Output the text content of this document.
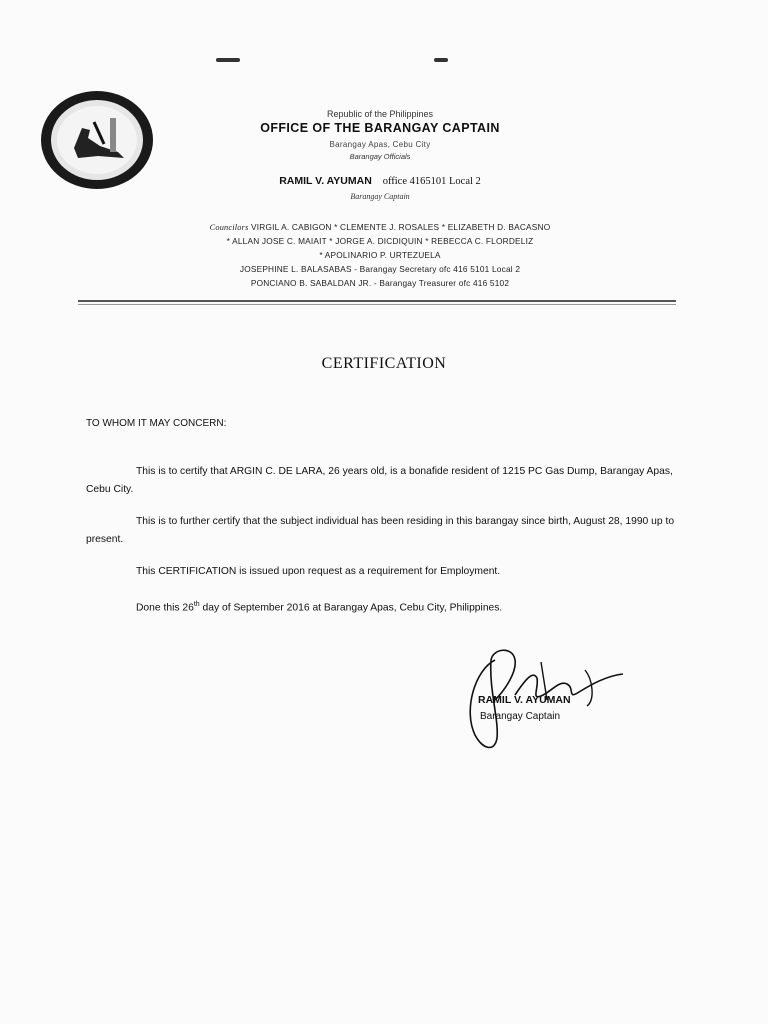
Republic of the Philippines
OFFICE OF THE BARANGAY CAPTAIN
Barangay Apas, Cebu City
Barangay Officials
RAMIL V. AYUMAN office 4165101 Local 2
Barangay Captain
Councilors VIRGIL A. CABIGON * CLEMENTE J. ROSALES * ELIZABETH D. BACASNO
* ALLAN JOSE C. MAIAIT * JORGE A. DICDIQUIN * REBECCA C. FLORDELIZ
* APOLINARIO P. URTEZUELA
JOSEPHINE L. BALASABAS - Barangay Secretary ofc 416 5101 Local 2
PONCIANO B. SABALDAN JR. - Barangay Treasurer ofc 416 5102
CERTIFICATION
TO WHOM IT MAY CONCERN:
This is to certify that ARGIN C. DE LARA, 26 years old, is a bonafide resident of 1215 PC Gas Dump, Barangay Apas, Cebu City.
This is to further certify that the subject individual has been residing in this barangay since birth, August 28, 1990 up to present.
This CERTIFICATION is issued upon request as a requirement for Employment.
Done this 26th day of September 2016 at Barangay Apas, Cebu City, Philippines.
RAMIL V. AYUMAN
Barangay Captain
